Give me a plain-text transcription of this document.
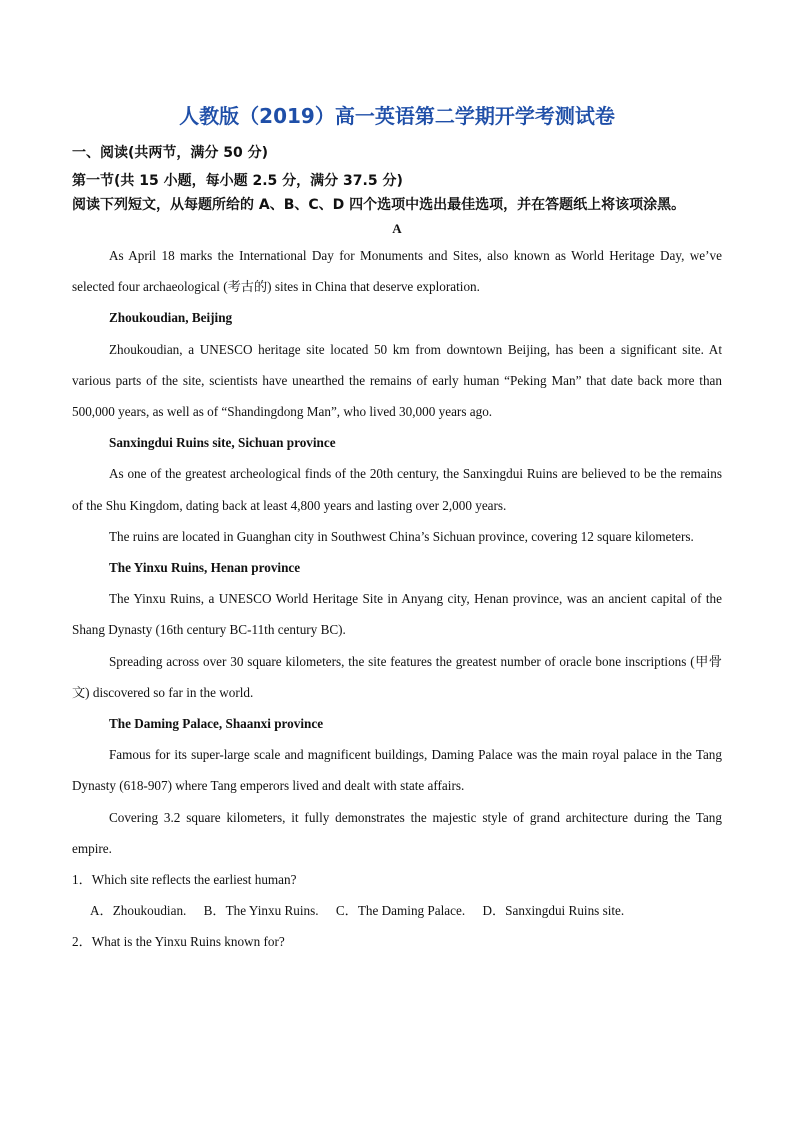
人教版（2019）高一英语第二学期开学考测试卷
一、阅读(共两节，满分 50 分)
第一节(共 15 小题，每小题 2.5 分，满分 37.5 分)
阅读下列短文，从每题所给的 A、B、C、D 四个选项中选出最佳选项，并在答题纸上将该项涂黑。
A

As April 18 marks the International Day for Monuments and Sites, also known as World Heritage Day, we’ve selected four archaeological (考古的) sites in China that deserve exploration.

Zhoukoudian, Beijing

Zhoukoudian, a UNESCO heritage site located 50 km from downtown Beijing, has been a significant site. At various parts of the site, scientists have unearthed the remains of early human “Peking Man” that date back more than 500,000 years, as well as of “Shandingdong Man”, who lived 30,000 years ago.

Sanxingdui Ruins site, Sichuan province

As one of the greatest archeological finds of the 20th century, the Sanxingdui Ruins are believed to be the remains of the Shu Kingdom, dating back at least 4,800 years and lasting over 2,000 years.

The ruins are located in Guanghan city in Southwest China’s Sichuan province, covering 12 square kilometers.

The Yinxu Ruins, Henan province

The Yinxu Ruins, a UNESCO World Heritage Site in Anyang city, Henan province, was an ancient capital of the Shang Dynasty (16th century BC-11th century BC).

Spreading across over 30 square kilometers, the site features the greatest number of oracle bone inscriptions (甲骨文) discovered so far in the world.

The Daming Palace, Shaanxi province

Famous for its super-large scale and magnificent buildings, Daming Palace was the main royal palace in the Tang Dynasty (618-907) where Tang emperors lived and dealt with state affairs.

Covering 3.2 square kilometers, it fully demonstrates the majestic style of grand architecture during the Tang empire.

1．Which site reflects the earliest human?

A．Zhoukoudian. B．The Yinxu Ruins. C．The Daming Palace. D．Sanxingdui Ruins site.

2．What is the Yinxu Ruins known for?
